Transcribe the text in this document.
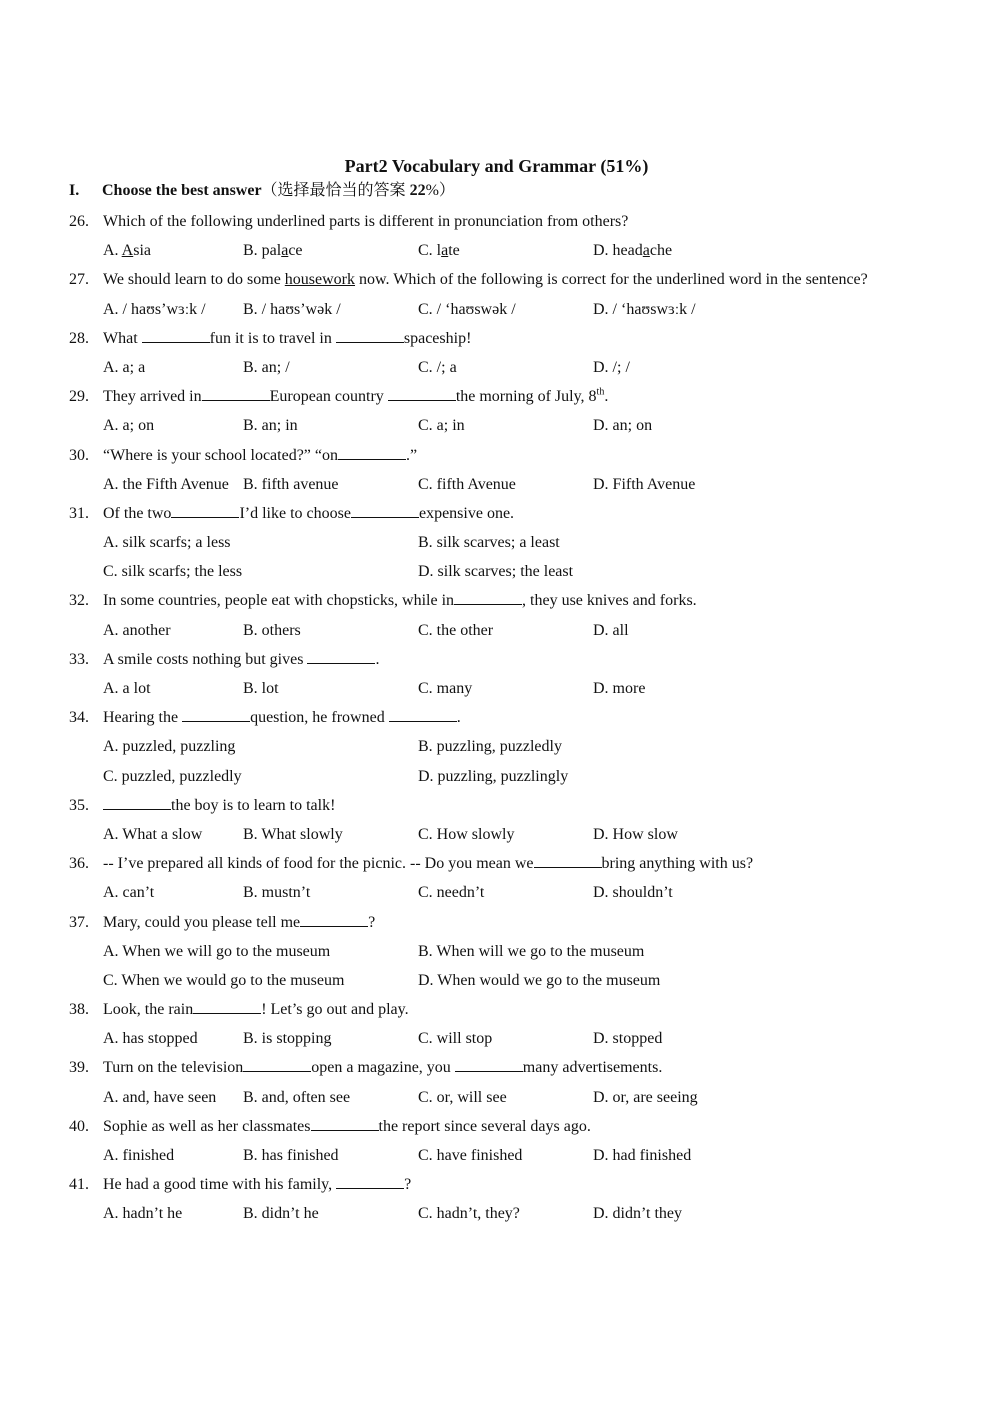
Part2 Vocabulary and Grammar (51%)
I. Choose the best answer（选择最恰当的答案 22%）
26. Which of the following underlined parts is different in pronunciation from others?
A. Asia	B. palace	C. late	D. headache
27. We should learn to do some housework now. Which of the following is correct for the underlined word in the sentence?
A. / haʊs’wɜːk / B. / haʊs’wək /	C. / ‘haʊswək /	D. / ‘haʊswɜːk /
28. What	fun it is to travel in	spaceship!
A. a; a	B. an; /	C. /; a	D. /; /
29. They arrived in	European country	the morning of July, 8th.
A. a; on	B. an; in	C. a; in	D. an; on
30. “Where is your school located?” “on	.”
A. the Fifth Avenue B. fifth avenue	C. fifth Avenue	D. Fifth Avenue
31. Of the two	I’d like to choose	expensive one.
A. silk scarfs; a less	B. silk scarves; a least
C. silk scarfs; the less	D. silk scarves; the least
32. In some countries, people eat with chopsticks, while in	, they use knives and forks.
A. another	B. others	C. the other	D. all
33. A smile costs nothing but gives	.
A. a lot	B. lot	C. many	D. more
34. Hearing the	question, he frowned	.
A. puzzled, puzzling	B. puzzling, puzzledly
C. puzzled, puzzledly	D. puzzling, puzzlingly
35.	the boy is to learn to talk!
A. What a slow	B. What slowly	C. How slowly	D. How slow
36. -- I’ve prepared all kinds of food for the picnic. -- Do you mean we	bring anything with us?
A. can’t	B. mustn’t	C. needn’t	D. shouldn’t
37. Mary, could you please tell me	?
A. When we will go to the museum	B. When will we go to the museum
C. When we would go to the museum	D. When would we go to the museum
38. Look, the rain	! Let’s go out and play.
A. has stopped	B. is stopping	C. will stop	D. stopped
39. Turn on the television	open a magazine, you	many advertisements.
A. and, have seen B. and, often see	C. or, will see	D. or, are seeing
40. Sophie as well as her classmates	the report since several days ago.
A. finished	B. has finished	C. have finished	D. had finished
41. He had a good time with his family,	?
A. hadn’t he	B. didn’t he	C. hadn’t, they?	D. didn’t they
